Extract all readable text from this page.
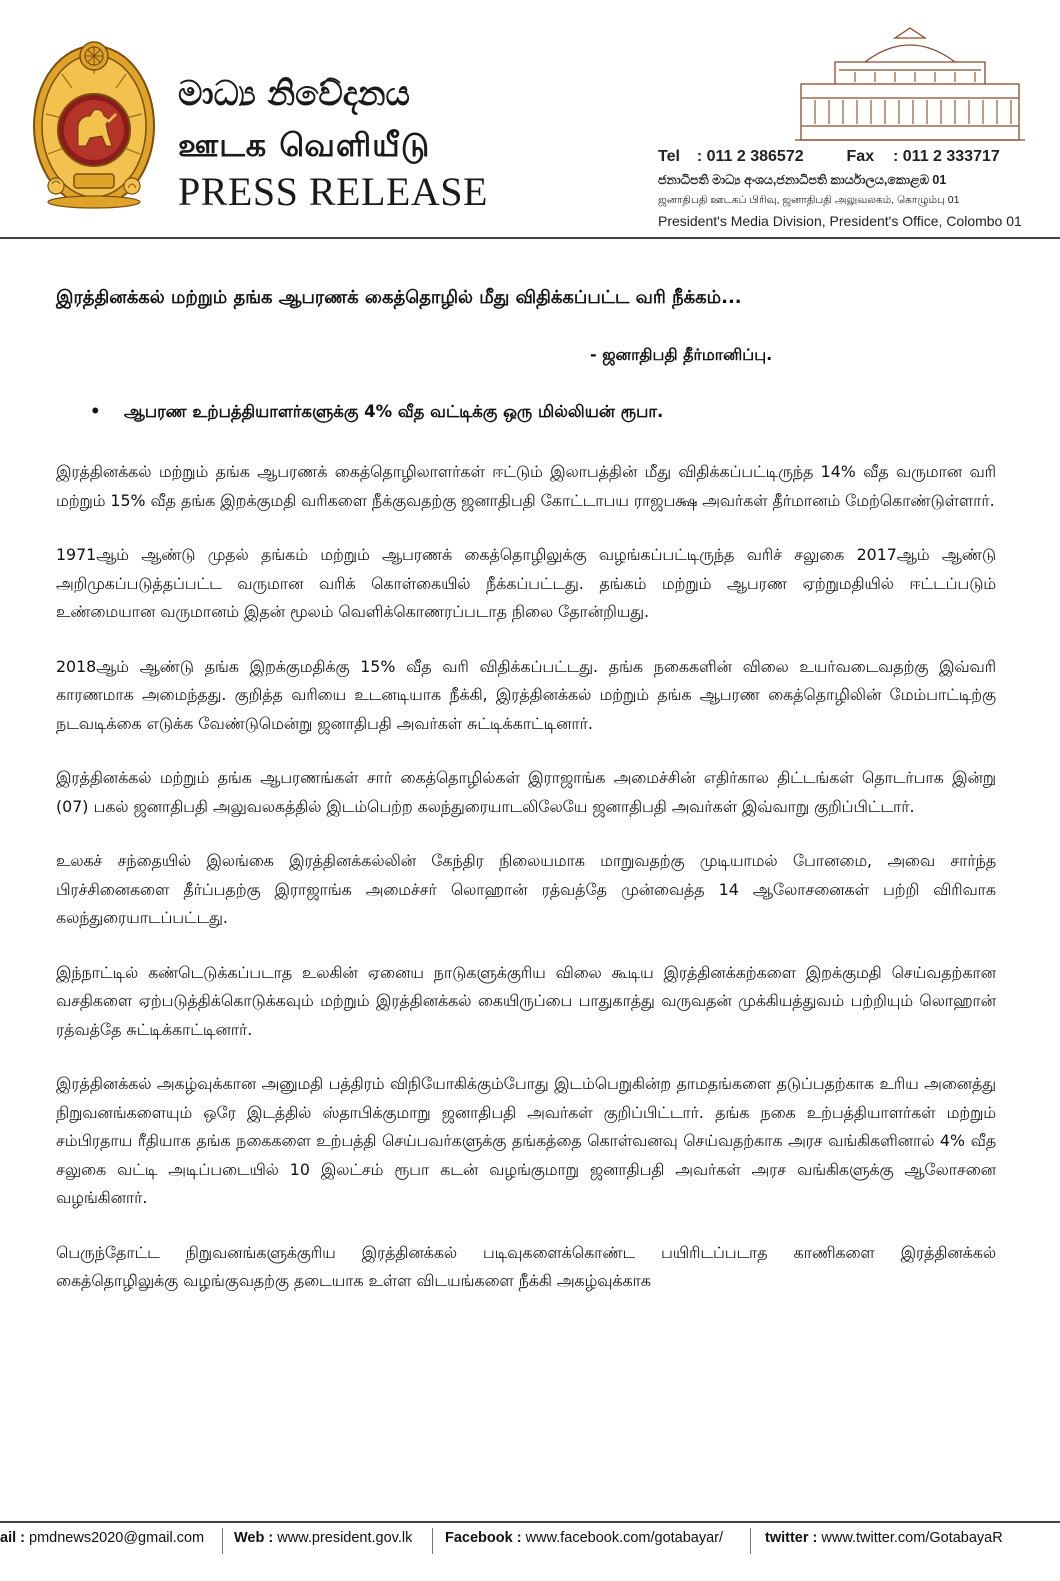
මාධ්‍ය නිවේදනය

ஊடக வெளியீடு

PRESS RELEASE

Tel : 011 2 386572	Fax : 011 2 333717
ජනාධිපති මාධ්‍ය අංශය,ජනාධිපති කාර්යාලය,කොළඹ 01
ஜனாதிபதி ஊடகப் பிரிவு, ஜனாதிபதி அலுவலகம், கொழும்பு 01
President's Media Division, President's Office, Colombo 01
இரத்தினக்கல் மற்றும் தங்க ஆபரணக் கைத்தொழில் மீது விதிக்கப்பட்ட வரி நீக்கம்...

- ஜனாதிபதி தீர்மானிப்பு.

• ஆபரண உற்பத்தியாளர்களுக்கு 4% வீத வட்டிக்கு ஒரு மில்லியன் ரூபா.

இரத்தினக்கல் மற்றும் தங்க ஆபரணக் கைத்தொழிலாளர்கள் ஈட்டும் இலாபத்தின் மீது விதிக்கப்பட்டிருந்த 14% வீத வருமான வரி மற்றும் 15% வீத தங்க இறக்குமதி வரிகளை நீக்குவதற்கு ஜனாதிபதி கோட்டாபய ராஜபக்ஷ அவர்கள் தீர்மானம் மேற்கொண்டுள்ளார்.

1971ஆம் ஆண்டு முதல் தங்கம் மற்றும் ஆபரணக் கைத்தொழிலுக்கு வழங்கப்பட்டிருந்த வரிச் சலுகை 2017ஆம் ஆண்டு அறிமுகப்படுத்தப்பட்ட வருமான வரிக் கொள்கையில் நீக்கப்பட்டது. தங்கம் மற்றும் ஆபரண ஏற்றுமதியில் ஈட்டப்படும் உண்மையான வருமானம் இதன் மூலம் வெளிக்கொணரப்படாத நிலை தோன்றியது.

2018ஆம் ஆண்டு தங்க இறக்குமதிக்கு 15% வீத வரி விதிக்கப்பட்டது. தங்க நகைகளின் விலை உயர்வடைவதற்கு இவ்வரி காரணமாக அமைந்தது. குறித்த வரியை உடனடியாக நீக்கி, இரத்தினக்கல் மற்றும் தங்க ஆபரண கைத்தொழிலின் மேம்பாட்டிற்கு நடவடிக்கை எடுக்க வேண்டுமென்று ஜனாதிபதி அவர்கள் சுட்டிக்காட்டினார்.

இரத்தினக்கல் மற்றும் தங்க ஆபரணங்கள் சார் கைத்தொழில்கள் இராஜாங்க அமைச்சின் எதிர்கால திட்டங்கள் தொடர்பாக இன்று (07) பகல் ஜனாதிபதி அலுவலகத்தில் இடம்பெற்ற கலந்துரையாடலிலேயே ஜனாதிபதி அவர்கள் இவ்வாறு குறிப்பிட்டார்.

உலகச் சந்தையில் இலங்கை இரத்தினக்கல்லின் கேந்திர நிலையமாக மாறுவதற்கு முடியாமல் போனமை, அவை சார்ந்த பிரச்சினைகளை தீர்ப்பதற்கு இராஜாங்க அமைச்சர் லொஹான் ரத்வத்தே முன்வைத்த 14 ஆலோசனைகள் பற்றி விரிவாக கலந்துரையாடப்பட்டது.

இந்நாட்டில் கண்டெடுக்கப்படாத உலகின் ஏனைய நாடுகளுக்குரிய விலை கூடிய இரத்தினக்கற்களை இறக்குமதி செய்வதற்கான வசதிகளை ஏற்படுத்திக்கொடுக்கவும் மற்றும் இரத்தினக்கல் கையிருப்பை பாதுகாத்து வருவதன் முக்கியத்துவம் பற்றியும் லொஹான் ரத்வத்தே சுட்டிக்காட்டினார்.

இரத்தினக்கல் அகழ்வுக்கான அனுமதி பத்திரம் விநியோகிக்கும்போது இடம்பெறுகின்ற தாமதங்களை தடுப்பதற்காக உரிய அனைத்து நிறுவனங்களையும் ஒரே இடத்தில் ஸ்தாபிக்குமாறு ஜனாதிபதி அவர்கள் குறிப்பிட்டார். தங்க நகை உற்பத்தியாளர்கள் மற்றும் சம்பிரதாய ரீதியாக தங்க நகைகளை உற்பத்தி செய்பவர்களுக்கு தங்கத்தை கொள்வனவு செய்வதற்காக அரச வங்கிகளினால் 4% வீத சலுகை வட்டி அடிப்படையில் 10 இலட்சம் ரூபா கடன் வழங்குமாறு ஜனாதிபதி அவர்கள் அரச வங்கிகளுக்கு ஆலோசனை வழங்கினார்.

பெருந்தோட்ட நிறுவனங்களுக்குரிய இரத்தினக்கல் படிவுகளைக்கொண்ட பயிரிடப்படாத காணிகளை இரத்தினக்கல் கைத்தொழிலுக்கு வழங்குவதற்கு தடையாக உள்ள விடயங்களை நீக்கி அகழ்வுக்காக

ail : pmdnews2020@gmail.com Web : www.president.gov.lk Facebook : www.facebook.com/gotabayar/	twitter : www.twitter.com/GotabayaR
